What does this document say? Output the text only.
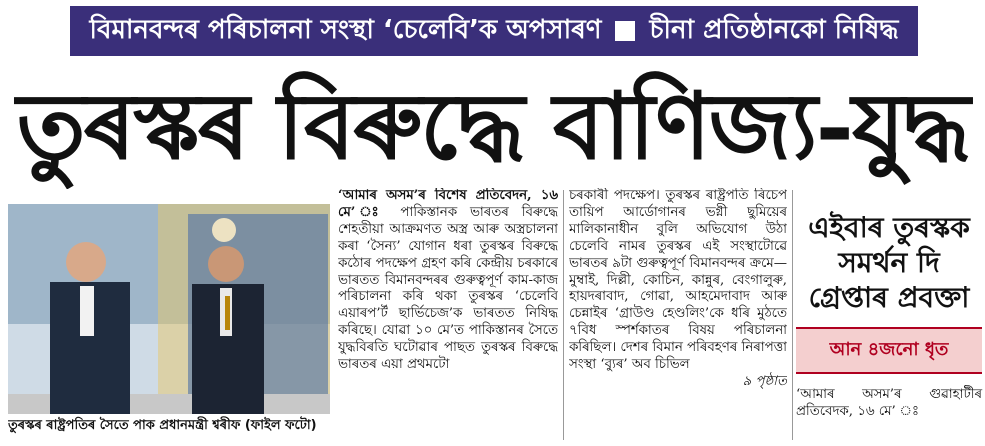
বিমানবন্দৰ পৰিচালনা সংস্থা ‘চেলেবি’ক অপসাৰণ চীনা প্ৰতিষ্ঠানকো নিষিদ্ধ
তুৰস্কৰ বিৰুদ্ধে বাণিজ্য-যুদ্ধ
তুৰস্কৰ ৰাষ্ট্ৰপতিৰ সৈতে পাক প্ৰধানমন্ত্ৰী শ্বৰীফ (ফাইল ফটো)
‘আমাৰ অসম’ৰ বিশেষ প্ৰতিবেদন, ১৬ মে’ ঃ পাকিস্তানক ভাৰতৰ বিৰুদ্ধে শেহতীয়া আক্ৰমণত অস্ত্ৰ আৰু অস্ত্ৰচালনা কৰা ‘সৈন্য’ যোগান ধৰা তুৰস্কৰ বিৰুদ্ধে কঠোৰ পদক্ষেপ গ্ৰহণ কৰি কেন্দ্ৰীয় চৰকাৰে ভাৰতত বিমানবন্দৰৰ গুৰুত্বপূৰ্ণ কাম-কাজ পৰিচালনা কৰি থকা তুৰস্কৰ ‘চেলেবি এয়াৰপ’ৰ্ট ছাৰ্ভিচেজ’ক ভাৰতত নিষিদ্ধ কৰিছে। যোৱা ১০ মে’ত পাকিস্তানৰ সৈতে যুদ্ধবিৰতি ঘটোৱাৰ পাছত তুৰস্কৰ বিৰুদ্ধে ভাৰতৰ এয়া প্ৰথমটো
চৰকাৰী পদক্ষেপ। তুৰস্কৰ ৰাষ্ট্ৰপতি ৰিচেপ তায়িপ আৰ্ডোগানৰ ভগ্নী ছুমিয়েৰ মালিকানাধীন বুলি অভিযোগ উঠা চেলেবি নামৰ তুৰস্কৰ এই সংস্থাটোৱে ভাৰতৰ ৯টা গুৰুত্বপূৰ্ণ বিমানবন্দৰ ক্ৰমে— মুম্বাই, দিল্লী, কোচিন, কান্নুৰ, বেংগালুৰু, হায়দৰাবাদ, গোৱা, আহমেদাবাদ আৰু চেন্নাইৰ ‘গ্ৰাউণ্ড হেণ্ডলিং’কে ধৰি মুঠতে ৭বিধ স্পৰ্শকাতৰ বিষয় পৰিচালনা কৰিছিল। দেশৰ বিমান পৰিবহণৰ নিৰাপত্তা সংস্থা ‘ব্যুৰ’ অব চিভিল
৯ পৃষ্ঠাত
এইবাৰ তুৰস্কক সমৰ্থন দি গ্ৰেপ্তাৰ প্ৰবক্তা
আন ৪জনো ধৃত
‘আমাৰ অসম’ৰ গুৱাহাটীৰ প্ৰতিবেদক, ১৬ মে’ ঃ
